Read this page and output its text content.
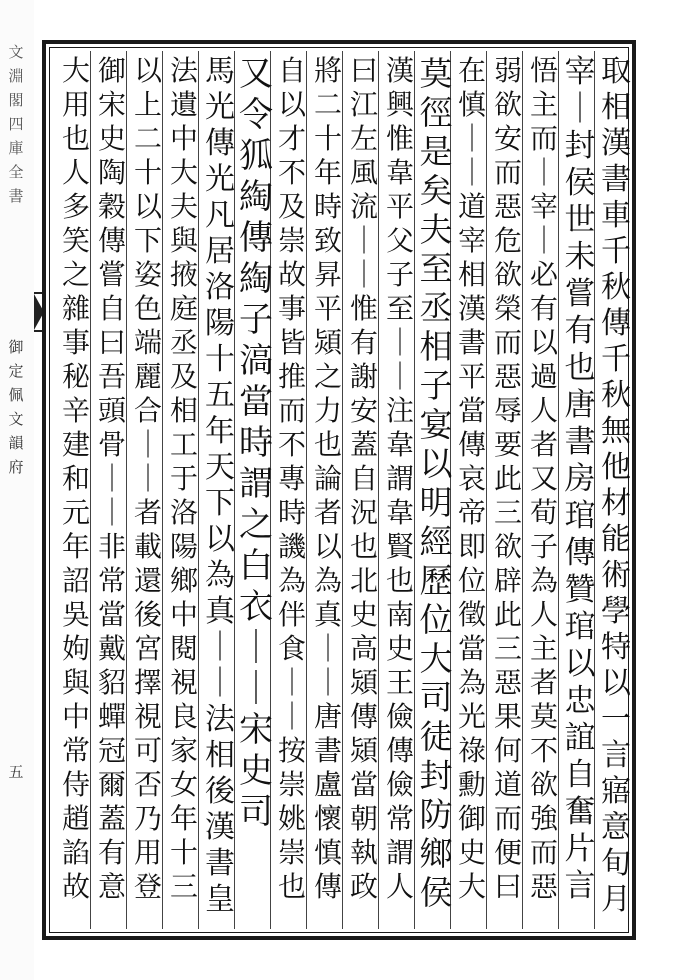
文淵閣四庫全書
御定佩文韻府
五
取相漢書車千秋傳千秋無他材能術學特以一言寤意旬月
宰｜封侯世未嘗有也唐書房琯傳贊琯以忠誼自奮片言
悟主而｜宰｜必有以過人者又荀子為人主者莫不欲強而惡
弱欲安而惡危欲榮而惡辱要此三欲辟此三惡果何道而便曰
在慎｜｜道宰相漢書平當傳哀帝即位徵當為光祿勳御史大
莫徑是矣夫至丞相子宴以明經歷位大司徒封防鄉侯
漢興惟韋平父子至｜｜注韋謂韋賢也南史王儉傳儉常謂人
曰江左風流｜｜惟有謝安蓋自況也北史高熲傳熲當朝執政
將二十年時致昇平熲之力也論者以為真｜｜唐書盧懷慎傳
自以才不及崇故事皆推而不專時譏為伴食｜｜按崇姚崇也
又令狐綯傳綯子滈當時謂之白衣｜｜宋史司
馬光傳光凡居洛陽十五年天下以為真｜｜法相後漢書皇
法遺中大夫與掖庭丞及相工于洛陽鄉中閱視良家女年十三
以上二十以下姿色端麗合｜｜者載還後宮擇視可否乃用登
御宋史陶穀傳嘗自曰吾頭骨｜｜非常當戴貂蟬冠爾蓋有意
大用也人多笑之雜事秘辛建和元年詔吳姁與中常侍趙諂故
